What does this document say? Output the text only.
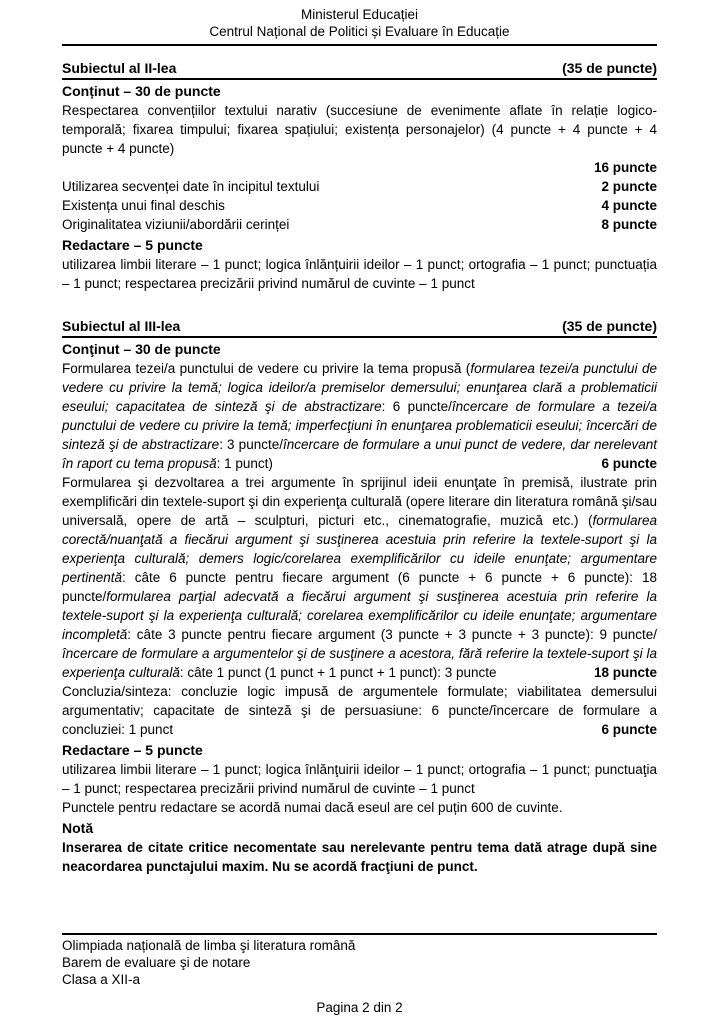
Ministerul Educației
Centrul Național de Politici și Evaluare în Educație
Subiectul al II-lea	(35 de puncte)
Conținut – 30 de puncte

Respectarea convențiilor textului narativ (succesiune de evenimente aflate în relație logico-temporală; fixarea timpului; fixarea spațiului; existența personajelor) (4 puncte + 4 puncte + 4 puncte + 4 puncte)

16 puncte
Utilizarea secvenței date în incipitul textului	2 puncte
Existența unui final deschis	4 puncte
Originalitatea viziunii/abordării cerinței	8 puncte
Redactare – 5 puncte

utilizarea limbii literare – 1 punct; logica înlănțuirii ideilor – 1 punct; ortografia – 1 punct; punctuația – 1 punct; respectarea precizării privind numărul de cuvinte – 1 punct

Subiectul al III-lea	(35 de puncte)
Conţinut – 30 de puncte

Formularea tezei/a punctului de vedere cu privire la tema propusă (formularea tezei/a punctului de vedere cu privire la temă; logica ideilor/a premiselor demersului; enunţarea clară a problematicii eseului; capacitatea de sinteză şi de abstractizare: 6 puncte/încercare de formulare a tezei/a punctului de vedere cu privire la temă; imperfecţiuni în enunţarea problematicii eseului; încercări de sinteză şi de abstractizare: 3 puncte/încercare de formulare a unui punct de vedere, dar nerelevant în raport cu tema propusă: 1 punct)	6 puncte

Formularea şi dezvoltarea a trei argumente în sprijinul ideii enunţate în premisă, ilustrate prin exemplificări din textele-suport şi din experienţa culturală (opere literare din literatura română şi/sau universală, opere de artă – sculpturi, picturi etc., cinematografie, muzică etc.) (formularea corectă/nuanţată a fiecărui argument şi susţinerea acestuia prin referire la textele-suport şi la experienţa culturală; demers logic/corelarea exemplificărilor cu ideile enunţate; argumentare pertinentă: câte 6 puncte pentru fiecare argument (6 puncte + 6 puncte + 6 puncte): 18 puncte/formularea parţial adecvată a fiecărui argument şi susţinerea acestuia prin referire la textele-suport şi la experienţa culturală; corelarea exemplificărilor cu ideile enunţate; argumentare incompletă: câte 3 puncte pentru fiecare argument (3 puncte + 3 puncte + 3 puncte): 9 puncte/încercare de formulare a argumentelor şi de susţinere a acestora, fără referire la textele-suport şi la experienţa culturală: câte 1 punct (1 punct + 1 punct + 1 punct): 3 puncte	18 puncte

Concluzia/sinteza: concluzie logic impusă de argumentele formulate; viabilitatea demersului argumentativ; capacitate de sinteză şi de persuasiune: 6 puncte/încercare de formulare a concluziei: 1 punct	6 puncte

Redactare – 5 puncte

utilizarea limbii literare – 1 punct; logica înlănţuirii ideilor – 1 punct; ortografia – 1 punct; punctuaţia – 1 punct; respectarea precizării privind numărul de cuvinte – 1 punct

Punctele pentru redactare se acordă numai dacă eseul are cel puțin 600 de cuvinte.

Notă

Inserarea de citate critice necomentate sau nerelevante pentru tema dată atrage după sine neacordarea punctajului maxim. Nu se acordă fracţiuni de punct.

Olimpiada națională de limba şi literatura română
Barem de evaluare şi de notare
Clasa a XII-a
Pagina 2 din 2
